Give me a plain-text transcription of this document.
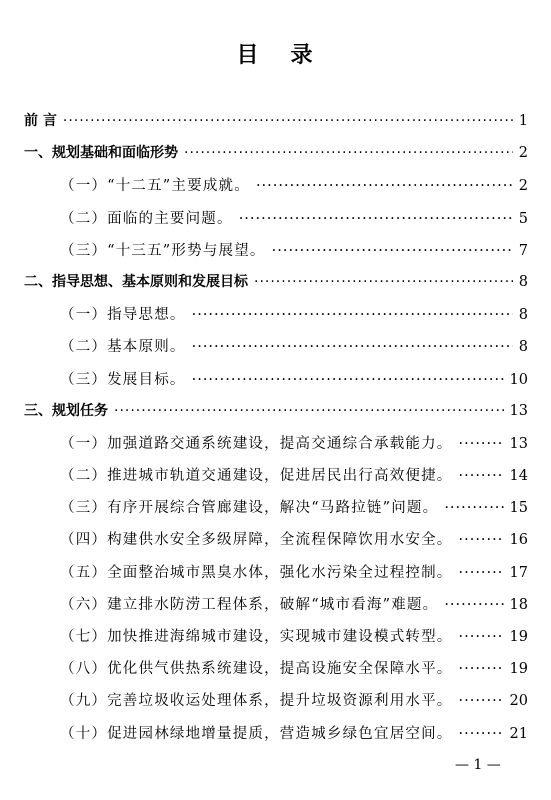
目 录
前 言 ·····	1
一、规划基础和面临形势 ·····	2
（一）“十二五”主要成就。 ·····	2
（二）面临的主要问题。 ·····	5
（三）“十三五”形势与展望。 ·····	7
二、指导思想、基本原则和发展目标 ·····	8
（一）指导思想。 ·····	8
（二）基本原则。 ·····	8
（三）发展目标。 ·····	10
三、规划任务 ·····	13
（一）加强道路交通系统建设，提高交通综合承载能力。 ·····	13
（二）推进城市轨道交通建设，促进居民出行高效便捷。 ·····	14
（三）有序开展综合管廊建设，解决“马路拉链”问题。 ·····	15
（四）构建供水安全多级屏障，全流程保障饮用水安全。 ·····	16
（五）全面整治城市黑臭水体，强化水污染全过程控制。 ·····	17
（六）建立排水防涝工程体系，破解“城市看海”难题。 ·····	18
（七）加快推进海绵城市建设，实现城市建设模式转型。 ·····	19
（八）优化供气供热系统建设，提高设施安全保障水平。 ·····	19
（九）完善垃圾收运处理体系，提升垃圾资源利用水平。 ·····	20
（十）促进园林绿地增量提质，营造城乡绿色宜居空间。 ·····	21
— 1 —
